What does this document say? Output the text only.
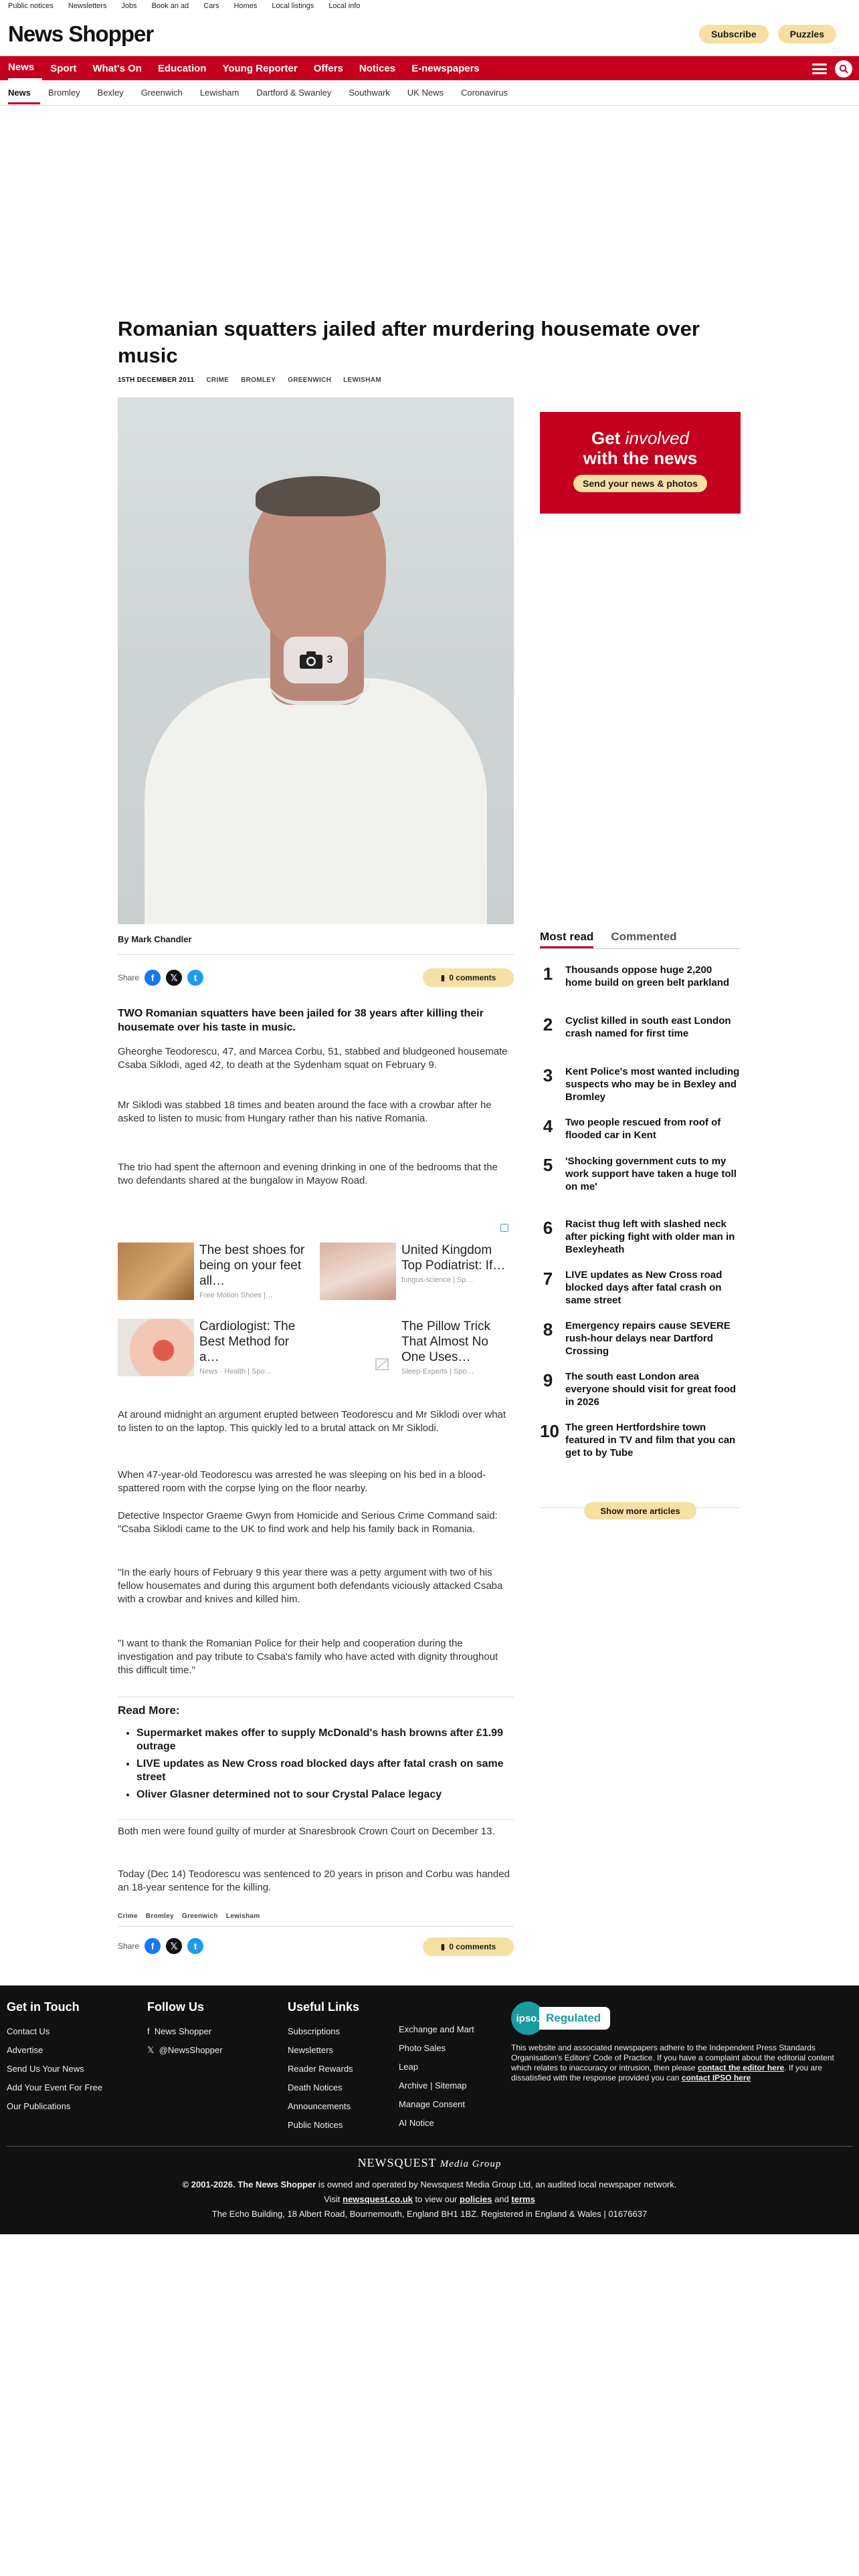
Public notices Newsletters Jobs Book an ad Cars Homes Local listings Local info
News Shopper	Subscribe	Puzzles
News	Sport	What's On	Education	Young Reporter	Offers	Notices	E-newspapers
News	Bromley	Bexley	Greenwich	Lewisham	Dartford & Swanley	Southwark	UK News	Coronavirus
Romanian squatters jailed after murdering housemate over music
15TH DECEMBER 2011 CRIME BROMLEY GREENWICH LEWISHAM
3
By Mark Chandler
Share	f	𝕏	t	▮ 0 comments

TWO Romanian squatters have been jailed for 38 years after killing their housemate over his taste in music.

Gheorghe Teodorescu, 47, and Marcea Corbu, 51, stabbed and bludgeoned housemate Csaba Siklodi, aged 42, to death at the Sydenham squat on February 9.

Mr Siklodi was stabbed 18 times and beaten around the face with a crowbar after he asked to listen to music from Hungary rather than his native Romania.

The trio had spent the afternoon and evening drinking in one of the bedrooms that the two defendants shared at the bungalow in Mayow Road.

The best shoes for being on your feet all…
Free Motion Shoes |…
United Kingdom Top Podiatrist: If…
fungus-science | Sp…
Cardiologist: The Best Method for a…
News - Health | Spo…
The Pillow Trick That Almost No One Uses…
Sleep-Experts | Spo…

At around midnight an argument erupted between Teodorescu and Mr Siklodi over what to listen to on the laptop. This quickly led to a brutal attack on Mr Siklodi.

When 47-year-old Teodorescu was arrested he was sleeping on his bed in a blood-spattered room with the corpse lying on the floor nearby.

Detective Inspector Graeme Gwyn from Homicide and Serious Crime Command said: "Csaba Siklodi came to the UK to find work and help his family back in Romania.

"In the early hours of February 9 this year there was a petty argument with two of his fellow housemates and during this argument both defendants viciously attacked Csaba with a crowbar and knives and killed him.

"I want to thank the Romanian Police for their help and cooperation during the investigation and pay tribute to Csaba's family who have acted with dignity throughout this difficult time."

Read More:
• Supermarket makes offer to supply McDonald's hash browns after £1.99 outrage
• LIVE updates as New Cross road blocked days after fatal crash on same street
• Oliver Glasner determined not to sour Crystal Palace legacy

Both men were found guilty of murder at Snaresbrook Crown Court on December 13.

Today (Dec 14) Teodorescu was sentenced to 20 years in prison and Corbu was handed an 18-year sentence for the killing.

Crime Bromley Greenwich Lewisham
Share	f	𝕏	t	▮ 0 comments
Get involved
with the news
Send your news & photos
Most read Commented
1	Thousands oppose huge 2,200 home build on green belt parkland
2	Cyclist killed in south east London crash named for first time
3	Kent Police's most wanted including suspects who may be in Bexley and Bromley
4	Two people rescued from roof of flooded car in Kent
5	'Shocking government cuts to my work support have taken a huge toll on me'
6	Racist thug left with slashed neck after picking fight with older man in Bexleyheath
7	LIVE updates as New Cross road blocked days after fatal crash on same street
8	Emergency repairs cause SEVERE rush-hour delays near Dartford Crossing
9	The south east London area everyone should visit for great food in 2026
10 The green Hertfordshire town featured in TV and film that you can get to by Tube
Show more articles
Get in Touch
Contact Us
Advertise
Send Us Your News
Add Your Event For Free
Our Publications
Follow Us
f News Shopper
𝕏 @NewsShopper
Useful Links
Subscriptions
Newsletters
Reader Rewards
Death Notices
Announcements
Public Notices
Exchange and Mart
Photo Sales
Leap
Archive | Sitemap
Manage Consent
AI Notice
ipso. Regulated
This website and associated newspapers adhere to the Independent Press Standards Organisation's Editors' Code of Practice. If you have a complaint about the editorial content which relates to inaccuracy or intrusion, then please contact the editor here. If you are dissatisfied with the response provided you can contact IPSO here
NEWSQUEST Media Group
© 2001-2026. The News Shopper is owned and operated by Newsquest Media Group Ltd, an audited local newspaper network.
Visit newsquest.co.uk to view our policies and terms
The Echo Building, 18 Albert Road, Bournemouth, England BH1 1BZ. Registered in England & Wales | 01676637
